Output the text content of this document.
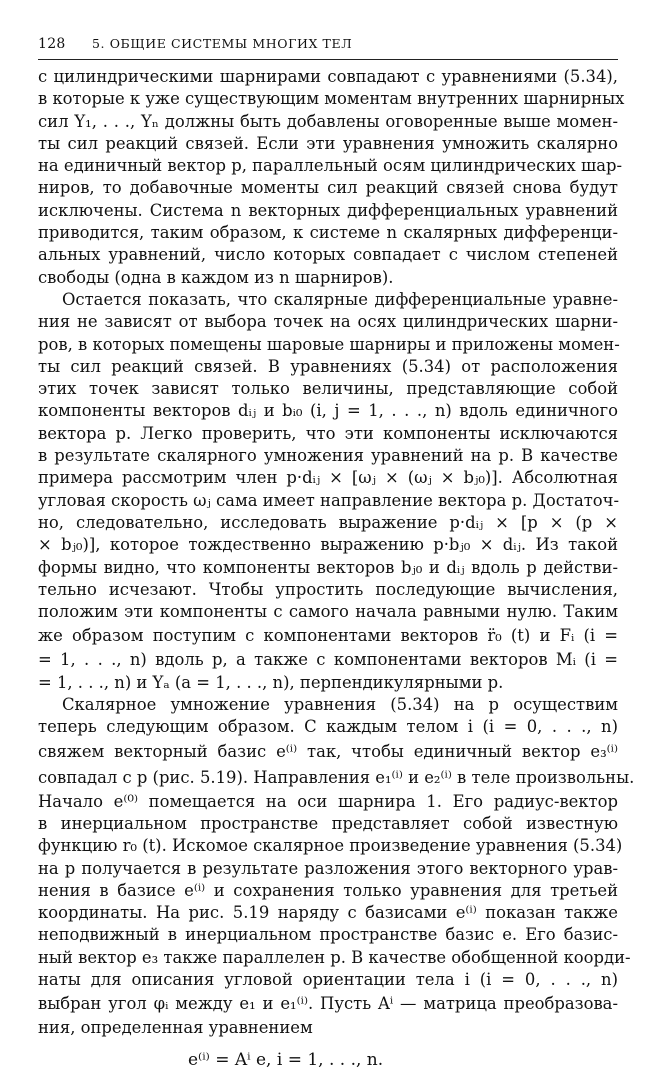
128 5. ОБЩИЕ СИСТЕМЫ МНОГИХ ТЕЛ
с цилиндрическими шарнирами совпадают с уравнениями (5.34),
в которые к уже существующим моментам внутренних шарнирных
сил Y₁, . . ., Yₙ должны быть добавлены оговоренные выше момен-
ты сил реакций связей. Если эти уравнения умножить скалярно
на единичный вектор p, параллельный осям цилиндрических шар-
ниров, то добавочные моменты сил реакций связей снова будут
исключены. Система n векторных дифференциальных уравнений
приводится, таким образом, к системе n скалярных дифференци-
альных уравнений, число которых совпадает с числом степеней
свободы (одна в каждом из n шарниров).
Остается показать, что скалярные дифференциальные уравне-
ния не зависят от выбора точек на осях цилиндрических шарни-
ров, в которых помещены шаровые шарниры и приложены момен-
ты сил реакций связей. В уравнениях (5.34) от расположения
этих точек зависят только величины, представляющие собой
компоненты векторов dᵢⱼ и bᵢ₀ (i, j = 1, . . ., n) вдоль единичного
вектора p. Легко проверить, что эти компоненты исключаются
в результате скалярного умножения уравнений на p. В качестве
примера рассмотрим член p·dᵢⱼ × [ωⱼ × (ωⱼ × bⱼ₀)]. Абсолютная
угловая скорость ωⱼ сама имеет направление вектора p. Достаточ-
но, следовательно, исследовать выражение p·dᵢⱼ × [p × (p ×
× bⱼ₀)], которое тождественно выражению p·bⱼ₀ × dᵢⱼ. Из такой
формы видно, что компоненты векторов bⱼ₀ и dᵢⱼ вдоль p действи-
тельно исчезают. Чтобы упростить последующие вычисления,
положим эти компоненты с самого начала равными нулю. Таким
же образом поступим с компонентами векторов r̈₀ (t) и Fᵢ (i =
= 1, . . ., n) вдоль p, а также с компонентами векторов Mᵢ (i =
= 1, . . ., n) и Yₐ (a = 1, . . ., n), перпендикулярными p.
Скалярное умножение уравнения (5.34) на p осуществим
теперь следующим образом. С каждым телом i (i = 0, . . ., n)
свяжем векторный базис e⁽ⁱ⁾ так, чтобы единичный вектор e₃⁽ⁱ⁾
совпадал с p (рис. 5.19). Направления e₁⁽ⁱ⁾ и e₂⁽ⁱ⁾ в теле произвольны.
Начало e⁽⁰⁾ помещается на оси шарнира 1. Его радиус-вектор
в инерциальном пространстве представляет собой известную
функцию r₀ (t). Искомое скалярное произведение уравнения (5.34)
на p получается в результате разложения этого векторного урав-
нения в базисе e⁽ⁱ⁾ и сохранения только уравнения для третьей
координаты. На рис. 5.19 наряду с базисами e⁽ⁱ⁾ показан также
неподвижный в инерциальном пространстве базис e. Его базис-
ный вектор e₃ также параллелен p. В качестве обобщенной коорди-
наты для описания угловой ориентации тела i (i = 0, . . ., n)
выбран угол φᵢ между e₁ и e₁⁽ⁱ⁾. Пусть Aⁱ — матрица преобразова-
ния, определенная уравнением
e⁽ⁱ⁾ = Aⁱ e, i = 1, . . ., n.
